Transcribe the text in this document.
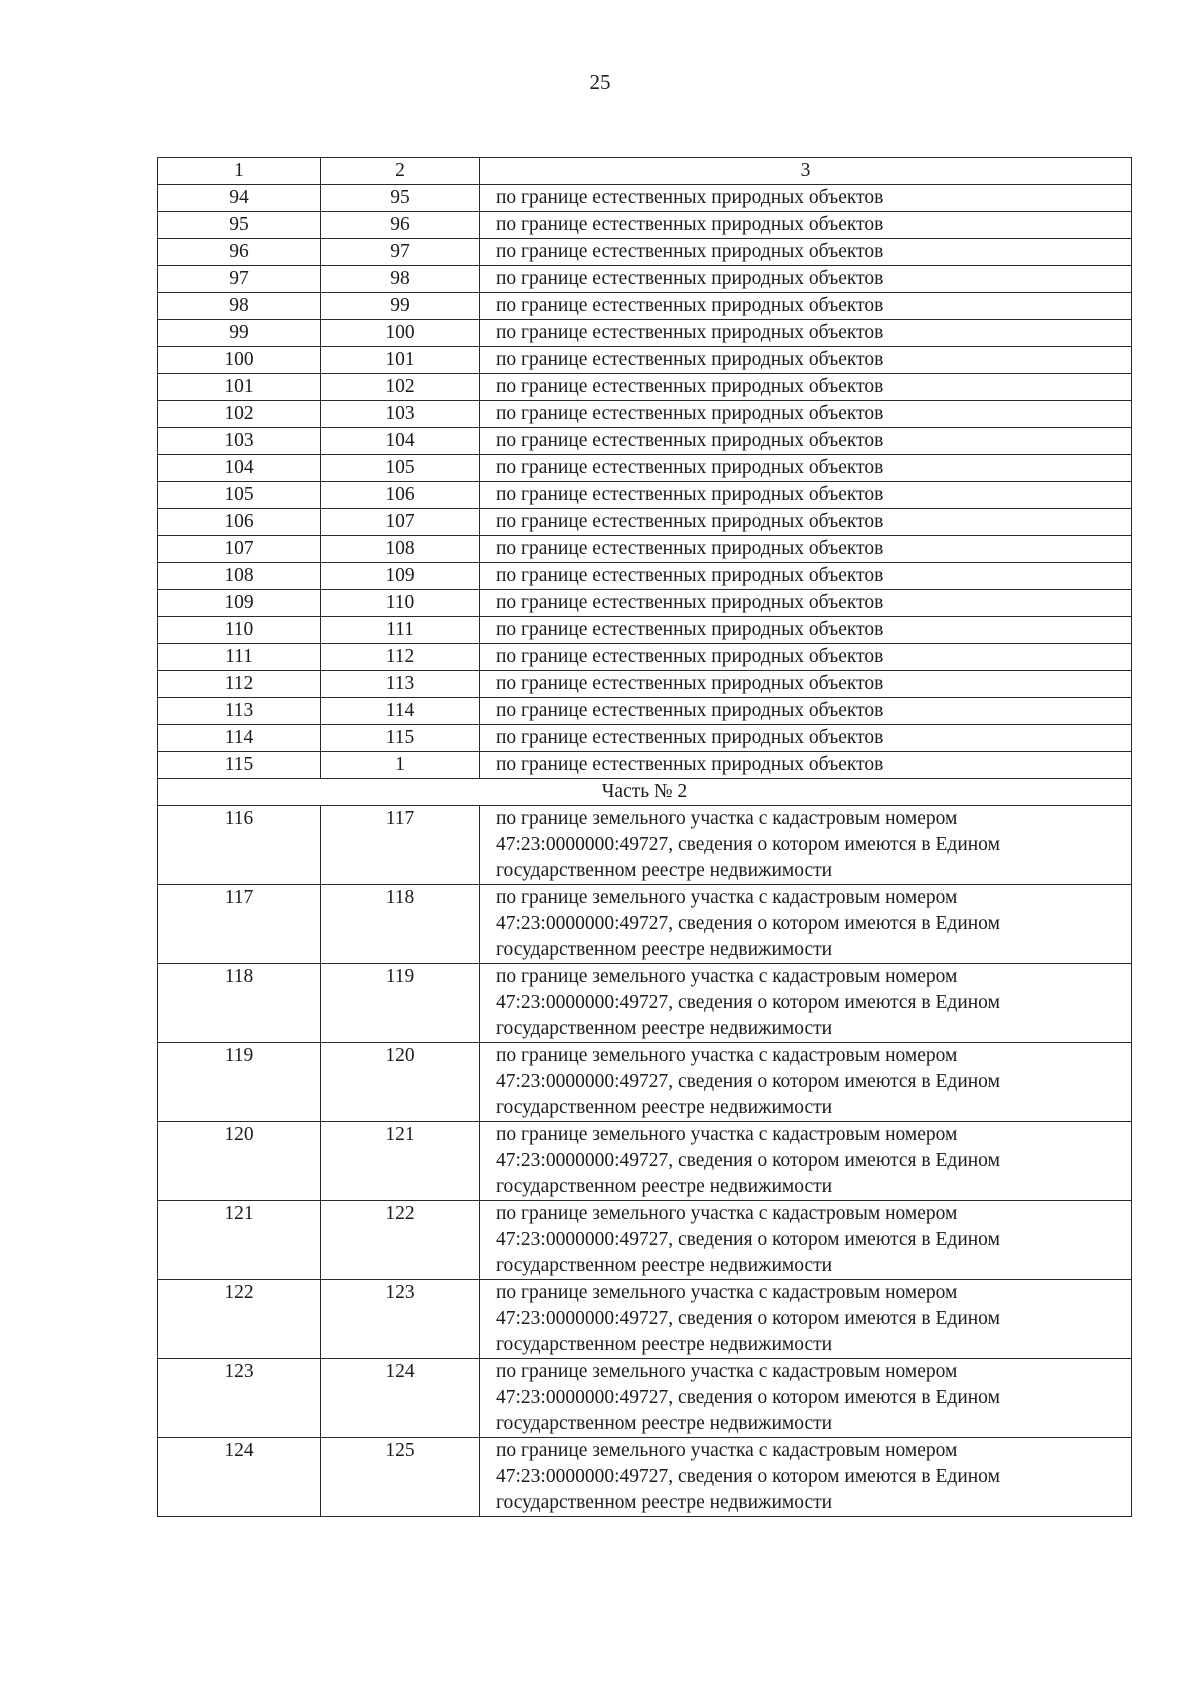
25
1	2	3
94	95	по границе естественных природных объектов
95	96	по границе естественных природных объектов
96	97	по границе естественных природных объектов
97	98	по границе естественных природных объектов
98	99	по границе естественных природных объектов
99	100	по границе естественных природных объектов
100	101	по границе естественных природных объектов
101	102	по границе естественных природных объектов
102	103	по границе естественных природных объектов
103	104	по границе естественных природных объектов
104	105	по границе естественных природных объектов
105	106	по границе естественных природных объектов
106	107	по границе естественных природных объектов
107	108	по границе естественных природных объектов
108	109	по границе естественных природных объектов
109	110	по границе естественных природных объектов
110	111	по границе естественных природных объектов
111	112	по границе естественных природных объектов
112	113	по границе естественных природных объектов
113	114	по границе естественных природных объектов
114	115	по границе естественных природных объектов
115	1	по границе естественных природных объектов
Часть № 2		
116	117	по границе земельного участка с кадастровым номером
47:23:0000000:49727, сведения о котором имеются в Едином
государственном реестре недвижимости

117	118	по границе земельного участка с кадастровым номером
47:23:0000000:49727, сведения о котором имеются в Едином
государственном реестре недвижимости

118	119	по границе земельного участка с кадастровым номером
47:23:0000000:49727, сведения о котором имеются в Едином
государственном реестре недвижимости

119	120	по границе земельного участка с кадастровым номером
47:23:0000000:49727, сведения о котором имеются в Едином
государственном реестре недвижимости

120	121	по границе земельного участка с кадастровым номером
47:23:0000000:49727, сведения о котором имеются в Едином
государственном реестре недвижимости

121	122	по границе земельного участка с кадастровым номером
47:23:0000000:49727, сведения о котором имеются в Едином
государственном реестре недвижимости

122	123	по границе земельного участка с кадастровым номером
47:23:0000000:49727, сведения о котором имеются в Едином
государственном реестре недвижимости

123	124	по границе земельного участка с кадастровым номером
47:23:0000000:49727, сведения о котором имеются в Едином
государственном реестре недвижимости

124	125	по границе земельного участка с кадастровым номером
47:23:0000000:49727, сведения о котором имеются в Едином
государственном реестре недвижимости
